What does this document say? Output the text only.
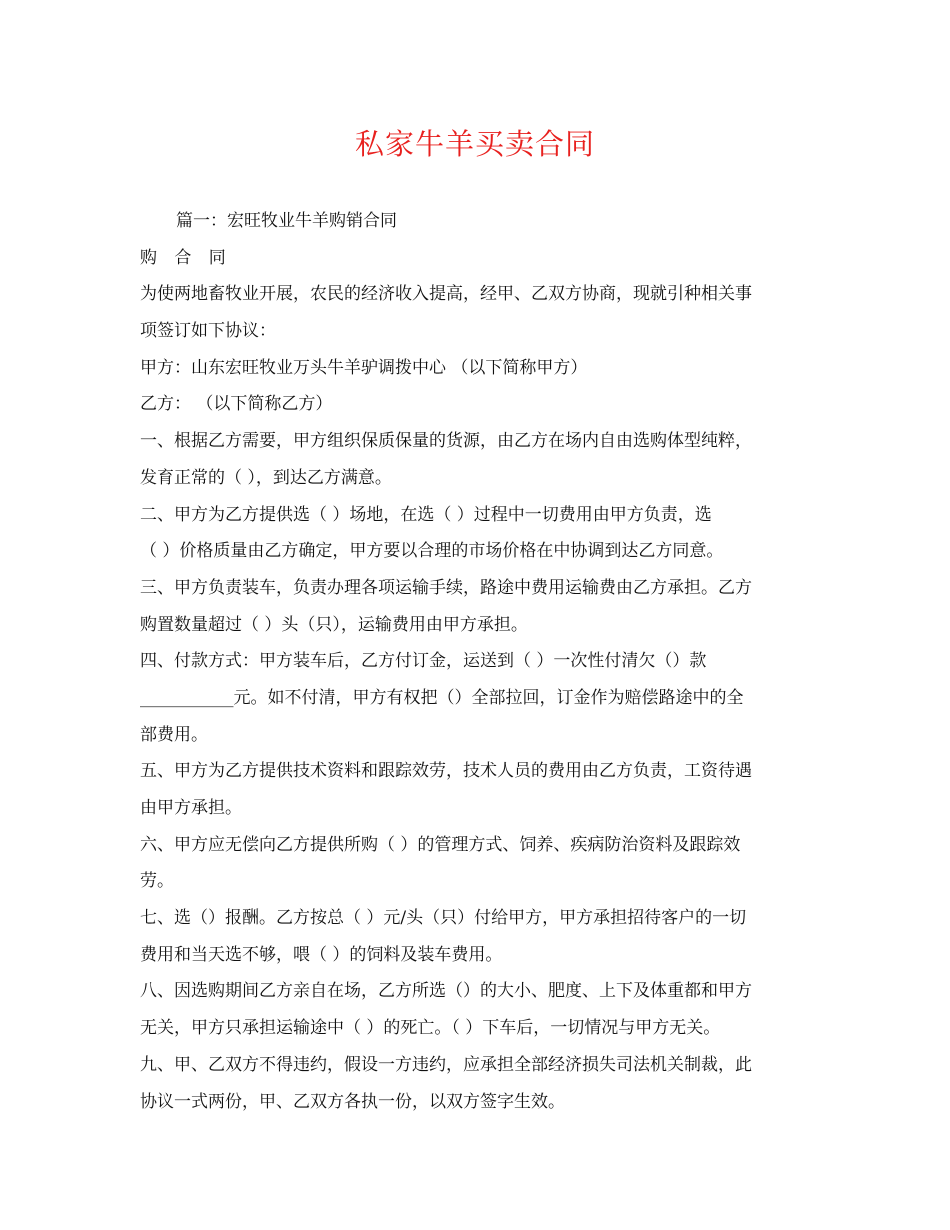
私家牛羊买卖合同
篇一：宏旺牧业牛羊购销合同
购 合 同
为使两地畜牧业开展，农民的经济收入提高，经甲、乙双方协商，现就引种相关事
项签订如下协议：
甲方：山东宏旺牧业万头牛羊驴调拨中心 （以下简称甲方）
乙方： （以下简称乙方）
一、根据乙方需要，甲方组织保质保量的货源，由乙方在场内自由选购体型纯粹，
发育正常的（ ），到达乙方满意。
二、甲方为乙方提供选（ ）场地，在选（ ）过程中一切费用由甲方负责，选
（ ）价格质量由乙方确定，甲方要以合理的市场价格在中协调到达乙方同意。
三、甲方负责装车，负责办理各项运输手续，路途中费用运输费由乙方承担。乙方
购置数量超过（ ）头（只），运输费用由甲方承担。
四、付款方式：甲方装车后，乙方付订金，运送到（ ）一次性付清欠（）款
___________元。如不付清，甲方有权把（）全部拉回，订金作为赔偿路途中的全
部费用。
五、甲方为乙方提供技术资料和跟踪效劳，技术人员的费用由乙方负责，工资待遇
由甲方承担。
六、甲方应无偿向乙方提供所购（ ）的管理方式、饲养、疾病防治资料及跟踪效
劳。
七、选（）报酬。乙方按总（ ）元/头（只）付给甲方，甲方承担招待客户的一切
费用和当天选不够，喂（ ）的饲料及装车费用。
八、因选购期间乙方亲自在场，乙方所选（）的大小、肥度、上下及体重都和甲方
无关，甲方只承担运输途中（ ）的死亡。（ ）下车后，一切情况与甲方无关。
九、甲、乙双方不得违约，假设一方违约，应承担全部经济损失司法机关制裁，此
协议一式两份，甲、乙双方各执一份，以双方签字生效。
